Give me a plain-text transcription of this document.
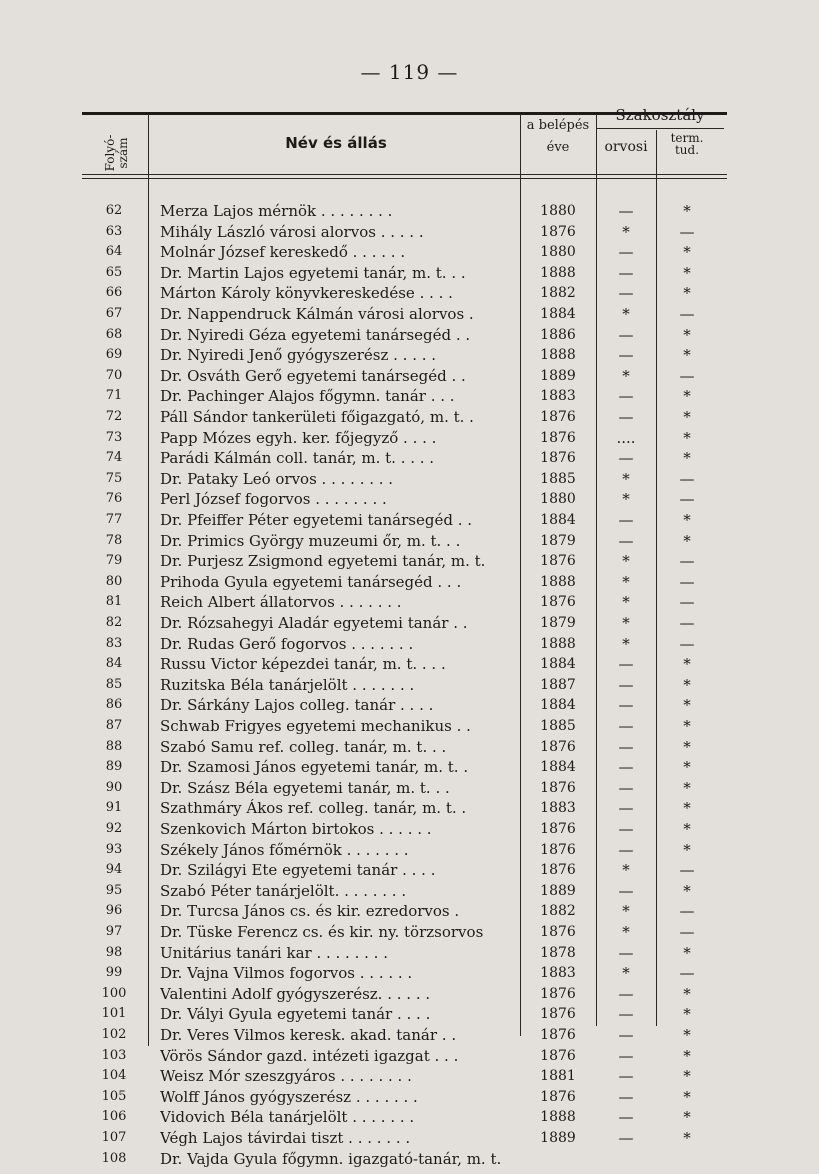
— 119 —
Folyó-szám	Név és állás
a belépés
éve
Szakosztály
orvosi
term. tud.
62	Merza Lajos mérnök . . . . . . . .	1880	—	*
63	Mihály László városi alorvos . . . . .	1876	*	—
64	Molnár József kereskedő . . . . . .	1880	—	*
65	Dr. Martin Lajos egyetemi tanár, m. t. . .	1888	—	*
66	Márton Károly könyvkereskedése . . . .	1882	—	*
67	Dr. Nappendruck Kálmán városi alorvos .	1884	*	—
68	Dr. Nyiredi Géza egyetemi tanársegéd . .	1886	—	*
69	Dr. Nyiredi Jenő gyógyszerész . . . . .	1888	—	*
70	Dr. Osváth Gerő egyetemi tanársegéd . .	1889	*	—
71	Dr. Pachinger Alajos főgymn. tanár . . .	1883	—	*
72	Páll Sándor tankerületi főigazgató, m. t. .	1876	—	*
73	Papp Mózes egyh. ker. főjegyző . . . .	1876	....	*
74	Parádi Kálmán coll. tanár, m. t. . . . .	1876	—	*
75	Dr. Pataky Leó orvos . . . . . . . .	1885	*	—
76	Perl József fogorvos . . . . . . . .	1880	*	—
77	Dr. Pfeiffer Péter egyetemi tanársegéd . .	1884	—	*
78	Dr. Primics György muzeumi őr, m. t. . .	1879	—	*
79	Dr. Purjesz Zsigmond egyetemi tanár, m. t.	1876	*	—
80	Prihoda Gyula egyetemi tanársegéd . . .	1888	*	—
81	Reich Albert állatorvos . . . . . . .	1876	*	—
82	Dr. Rózsahegyi Aladár egyetemi tanár . .	1879	*	—
83	Dr. Rudas Gerő fogorvos . . . . . . .	1888	*	—
84	Russu Victor képezdei tanár, m. t. . . .	1884	—	*
85	Ruzitska Béla tanárjelölt . . . . . . .	1887	—	*
86	Dr. Sárkány Lajos colleg. tanár . . . .	1884	—	*
87	Schwab Frigyes egyetemi mechanikus . .	1885	—	*
88	Szabó Samu ref. colleg. tanár, m. t. . .	1876	—	*
89	Dr. Szamosi János egyetemi tanár, m. t. .	1884	—	*
90	Dr. Szász Béla egyetemi tanár, m. t. . .	1876	—	*
91	Szathmáry Ákos ref. colleg. tanár, m. t. .	1883	—	*
92	Szenkovich Márton birtokos . . . . . .	1876	—	*
93	Székely János főmérnök . . . . . . .	1876	—	*
94	Dr. Szilágyi Ete egyetemi tanár . . . .	1876	*	—
95	Szabó Péter tanárjelölt. . . . . . . .	1889	—	*
96	Dr. Turcsa János cs. és kir. ezredorvos .	1882	*	—
97	Dr. Tüske Ferencz cs. és kir. ny. törzsorvos	1876	*	—
98	Unitárius tanári kar . . . . . . . .	1878	—	*
99	Dr. Vajna Vilmos fogorvos . . . . . .	1883	*	—
100	Valentini Adolf gyógyszerész. . . . . .	1876	—	*
101	Dr. Vályi Gyula egyetemi tanár . . . .	1876	—	*
102	Dr. Veres Vilmos keresk. akad. tanár . .	1876	—	*
103	Vörös Sándor gazd. intézeti igazgat . . .	1876	—	*
104	Weisz Mór szeszgyáros . . . . . . . .	1881	—	*
105	Wolff János gyógyszerész . . . . . . .	1876	—	*
106	Vidovich Béla tanárjelölt . . . . . . .	1888	—	*
107	Végh Lajos távirdai tiszt . . . . . . .	1889	—	*
108	Dr. Vajda Gyula főgymn. igazgató-tanár, m. t.
